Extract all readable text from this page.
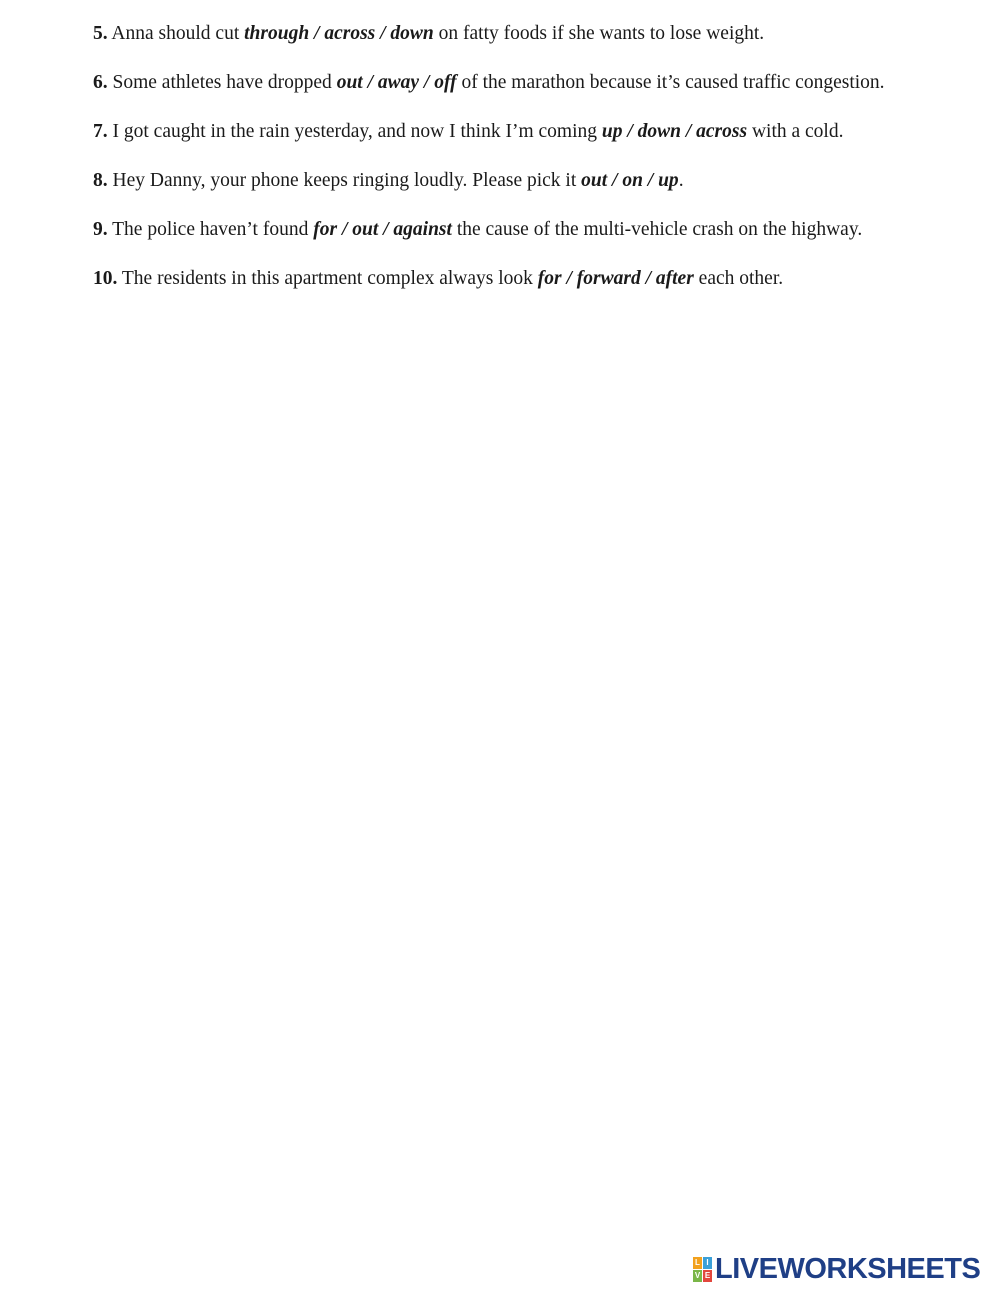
5. Anna should cut through / across / down on fatty foods if she wants to lose weight.
6. Some athletes have dropped out / away / off of the marathon because it’s caused traffic congestion.
7. I got caught in the rain yesterday, and now I think I’m coming up / down / across with a cold.
8. Hey Danny, your phone keeps ringing loudly. Please pick it out / on / up.
9. The police haven’t found for / out / against the cause of the multi-vehicle crash on the highway.
10. The residents in this apartment complex always look for / forward / after each other.
L I
V E LIVEWORKSHEETS
